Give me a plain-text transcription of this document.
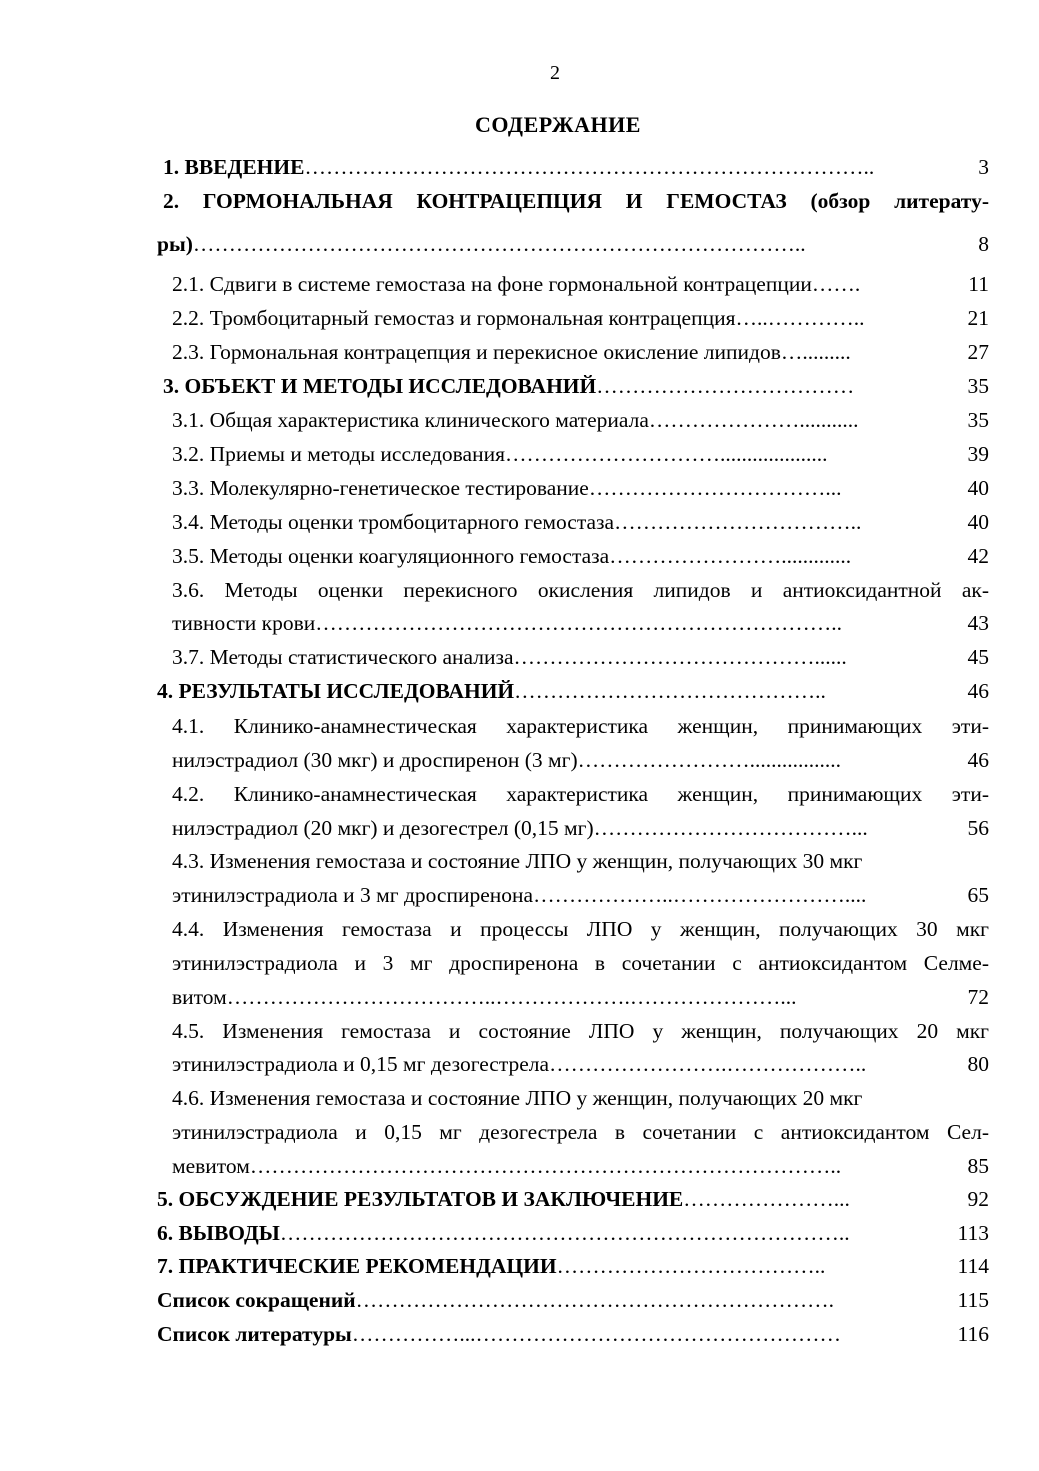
2
СОДЕРЖАНИЕ
1. ВВЕДЕНИЕ ……………………………………………………………………..	3
2. ГОРМОНАЛЬНАЯ КОНТРАЦЕПЦИЯ И ГЕМОСТАЗ (обзор литерату-
ры) …………………………………………………………………………..	8
2.1. Сдвиги в системе гемостаза на фоне гормональной контрацепции …….	11
2.2. Тромбоцитарный гемостаз и гормональная контрацепция …..…………..	21
2.3. Гормональная контрацепция и перекисное окисление липидов ….........	27
3. ОБЪЕКТ И МЕТОДЫ ИССЛЕДОВАНИЙ ………………………………	35
3.1. Общая характеристика клинического материала …………………...........	35
3.2. Приемы и методы исследования …………………………....................	39
3.3. Молекулярно-генетическое тестирование ……………………………...	40
3.4. Методы оценки тромбоцитарного гемостаза ……………………………..	40
3.5. Методы оценки коагуляционного гемостаза …………………….............	42
3.6. Методы оценки перекисного окисления липидов и антиоксидантной ак-
тивности крови ………………………………………………………………..	43
3.7. Методы статистического анализа ……………………………………......	45
4. РЕЗУЛЬТАТЫ ИССЛЕДОВАНИЙ ……………………………………..	46
4.1. Клинико-анамнестическая характеристика женщин, принимающих эти-
нилэстрадиол (30 мкг) и дроспиренон (3 мг) …………………….................	46
4.2. Клинико-анамнестическая характеристика женщин, принимающих эти-
нилэстрадиол (20 мкг) и дезогестрел (0,15 мг) ………………………………...	56
4.3. Изменения гемостаза и состояние ЛПО у женщин, получающих 30 мкг
этинилэстрадиола и 3 мг дроспиренона ………………..……………………....	65
4.4. Изменения гемостаза и процессы ЛПО у женщин, получающих 30 мкг
этинилэстрадиола и 3 мг дроспиренона в сочетании с антиоксидантом Селме-
витом ………………………………..……………….…………………...	72
4.5. Изменения гемостаза и состояние ЛПО у женщин, получающих 20 мкг
этинилэстрадиола и 0,15 мг дезогестрела …………………….………………..	80
4.6. Изменения гемостаза и состояние ЛПО у женщин, получающих 20 мкг
этинилэстрадиола и 0,15 мг дезогестрела в сочетании с антиоксидантом Сел-
мевитом ………………………………………………………………………..	85
5. ОБСУЖДЕНИЕ РЕЗУЛЬТАТОВ И ЗАКЛЮЧЕНИЕ …………………...	92
6. ВЫВОДЫ ……………………………………………………………………..	113
7. ПРАКТИЧЕСКИЕ РЕКОМЕНДАЦИИ ………………………………..	114
Список сокращений ………………………………………………………….	115
Список литературы ……………...……………………………………………	116
